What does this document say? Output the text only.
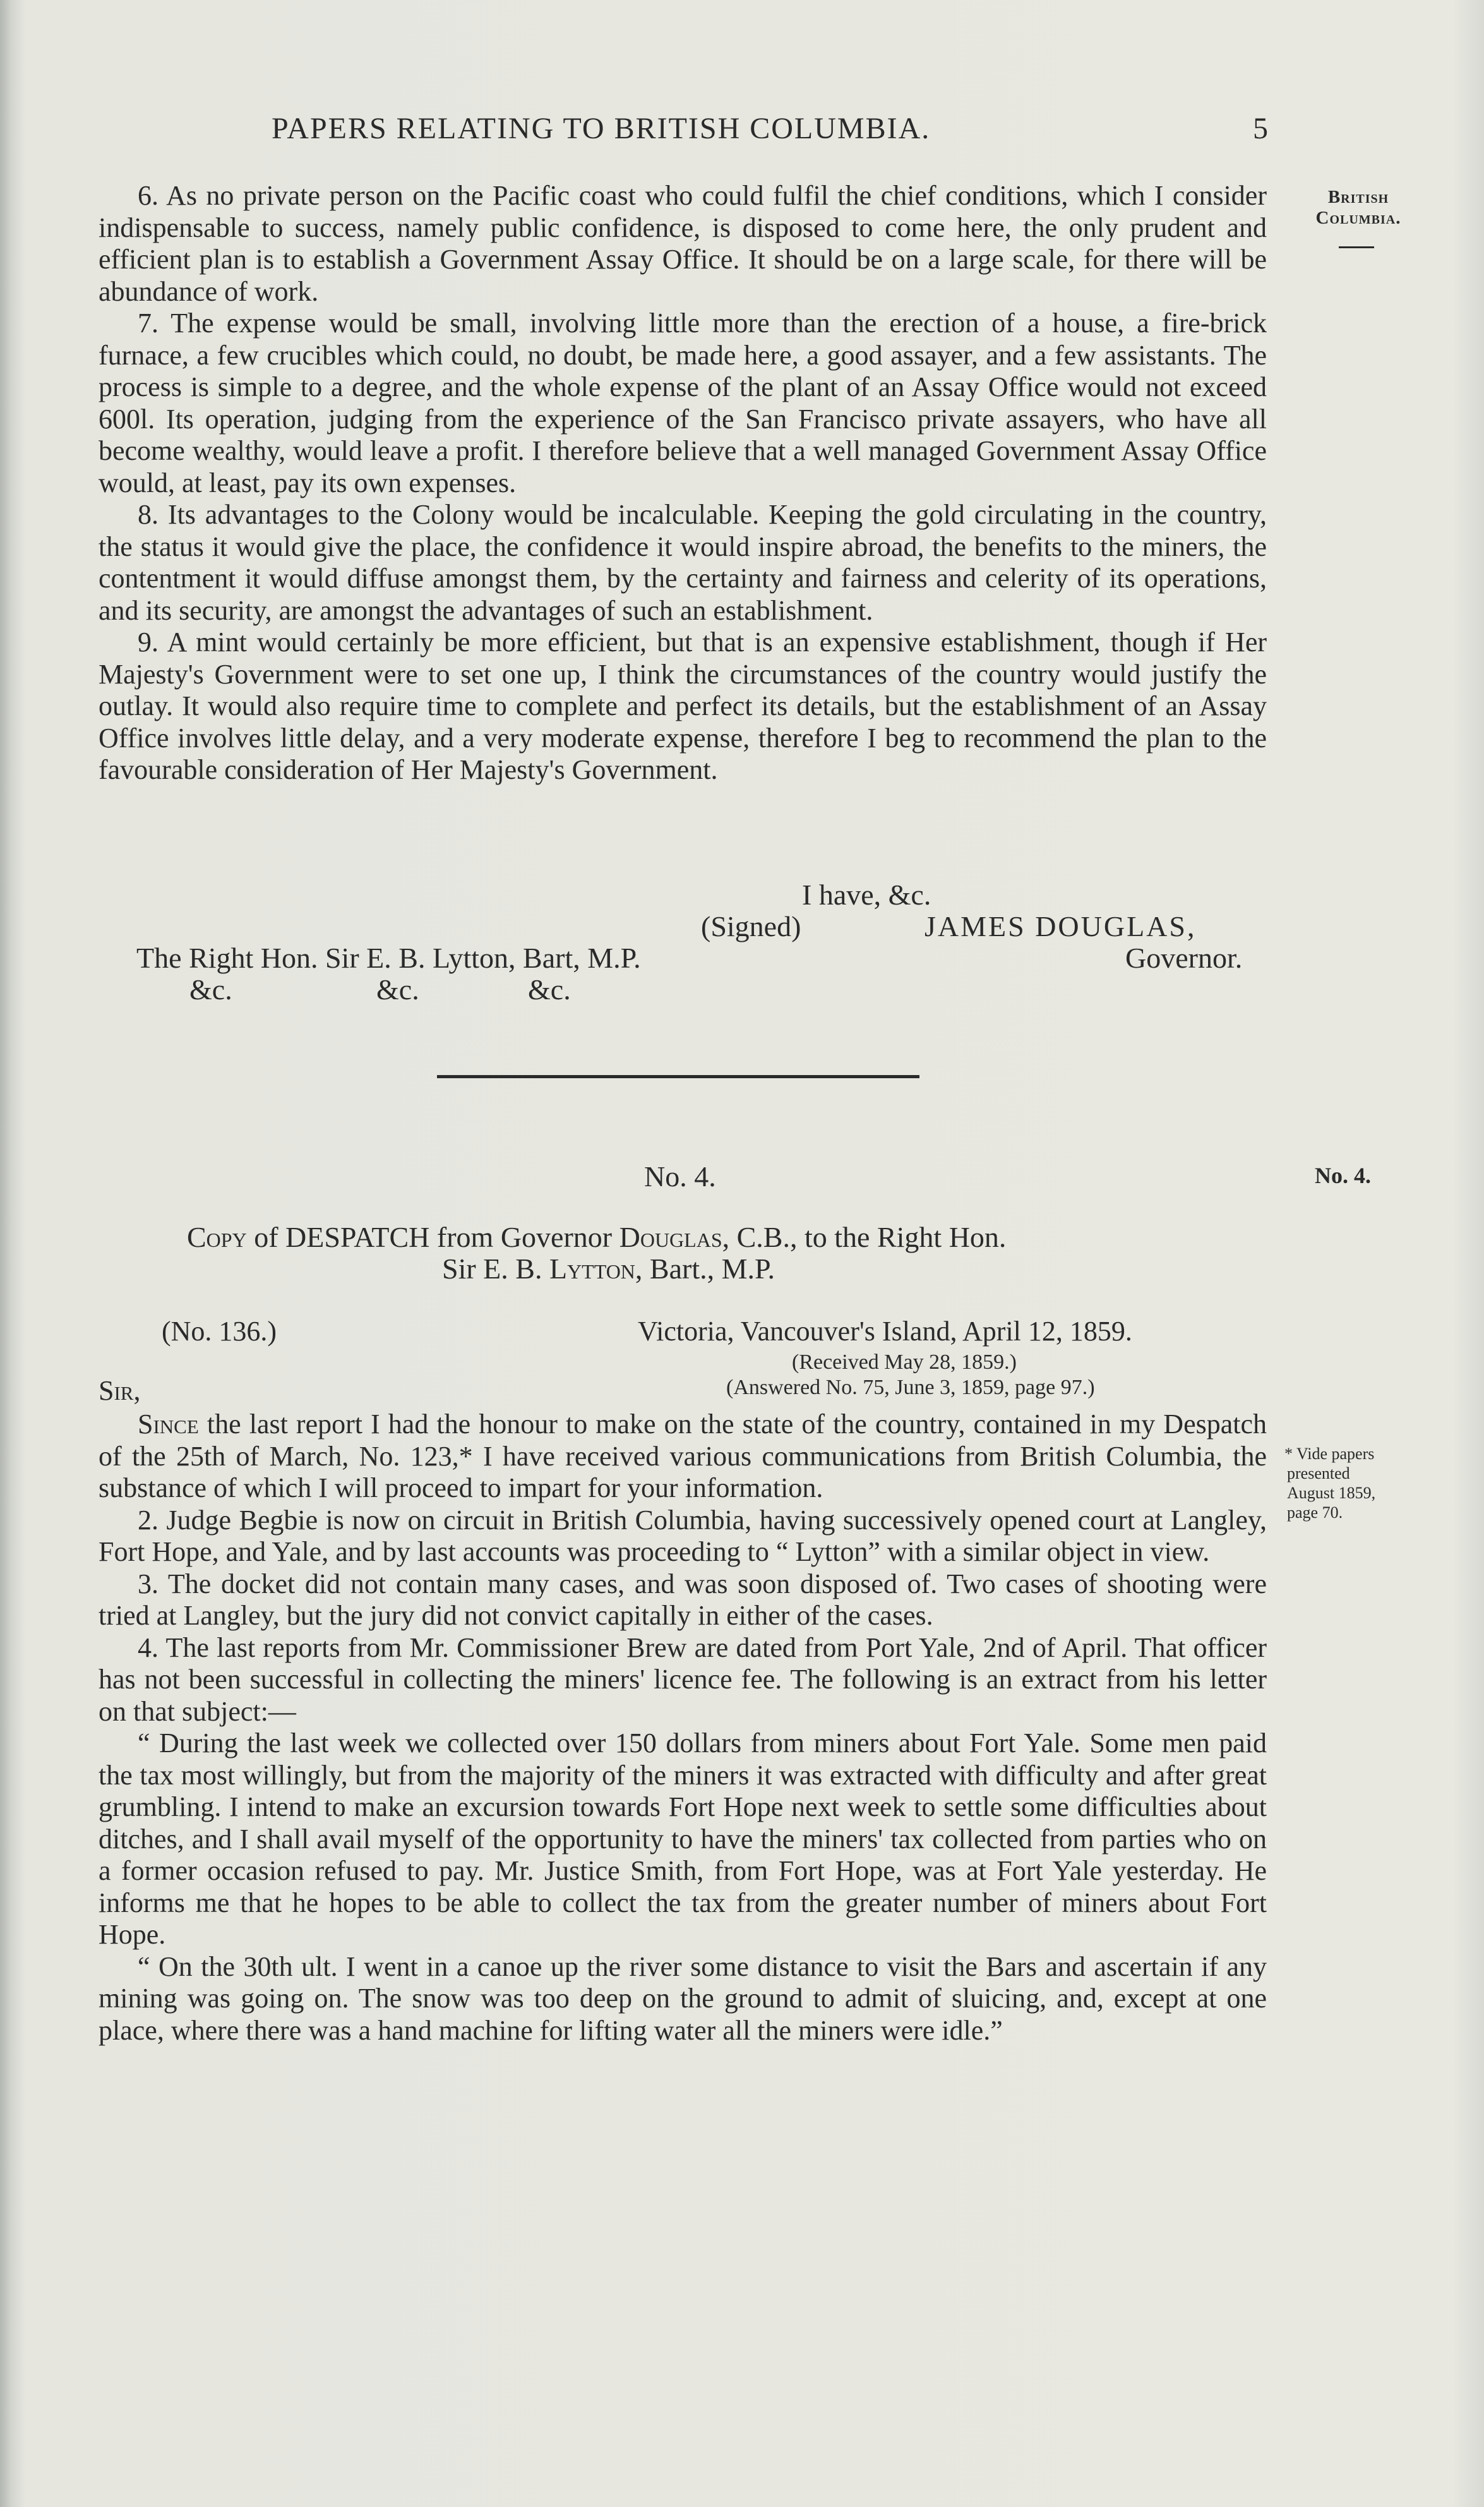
PAPERS RELATING TO BRITISH COLUMBIA.	5
British
Columbia.

6. As no private person on the Pacific coast who could fulfil the chief conditions, which I consider indispensable to success, namely public confidence, is disposed to come here, the only prudent and efficient plan is to establish a Government Assay Office. It should be on a large scale, for there will be abundance of work.

7. The expense would be small, involving little more than the erection of a house, a fire-brick furnace, a few crucibles which could, no doubt, be made here, a good assayer, and a few assistants. The process is simple to a degree, and the whole expense of the plant of an Assay Office would not exceed 600l. Its operation, judging from the experience of the San Francisco private assayers, who have all become wealthy, would leave a profit. I therefore believe that a well managed Government Assay Office would, at least, pay its own expenses.

8. Its advantages to the Colony would be incalculable. Keeping the gold circulating in the country, the status it would give the place, the confidence it would inspire abroad, the benefits to the miners, the contentment it would diffuse amongst them, by the certainty and fairness and celerity of its operations, and its security, are amongst the advantages of such an establishment.

9. A mint would certainly be more efficient, but that is an expensive establishment, though if Her Majesty's Government were to set one up, I think the circumstances of the country would justify the outlay. It would also require time to complete and perfect its details, but the establishment of an Assay Office involves little delay, and a very moderate expense, therefore I beg to recommend the plan to the favourable consideration of Her Majesty's Government.

I have, &c.
(Signed)	JAMES DOUGLAS,
The Right Hon. Sir E. B. Lytton, Bart, M.P.	Governor.
&c.	&c.	&c.
No. 4.	No. 4.
Copy of DESPATCH from Governor Douglas, C.B., to the Right Hon.
Sir E. B. Lytton, Bart., M.P.
(No. 136.)	Victoria, Vancouver's Island, April 12, 1859.
(Received May 28, 1859.)
(Answered No. 75, June 3, 1859, page 97.)
Sir,

Since the last report I had the honour to make on the state of the country, contained in my Despatch of the 25th of March, No. 123,* I have received various communications from British Columbia, the substance of which I will proceed to impart for your information.

2. Judge Begbie is now on circuit in British Columbia, having successively opened court at Langley, Fort Hope, and Yale, and by last accounts was proceeding to “ Lytton” with a similar object in view.

3. The docket did not contain many cases, and was soon disposed of. Two cases of shooting were tried at Langley, but the jury did not convict capitally in either of the cases.

4. The last reports from Mr. Commissioner Brew are dated from Port Yale, 2nd of April. That officer has not been successful in collecting the miners' licence fee. The following is an extract from his letter on that subject:—

“ During the last week we collected over 150 dollars from miners about Fort Yale. Some men paid the tax most willingly, but from the majority of the miners it was extracted with difficulty and after great grumbling. I intend to make an excursion towards Fort Hope next week to settle some difficulties about ditches, and I shall avail myself of the opportunity to have the miners' tax collected from parties who on a former occasion refused to pay. Mr. Justice Smith, from Fort Hope, was at Fort Yale yesterday. He informs me that he hopes to be able to collect the tax from the greater number of miners about Fort Hope.

“ On the 30th ult. I went in a canoe up the river some distance to visit the Bars and ascertain if any mining was going on. The snow was too deep on the ground to admit of sluicing, and, except at one place, where there was a hand machine for lifting water all the miners were idle.”

* Vide papers
presented
August 1859,
page 70.
